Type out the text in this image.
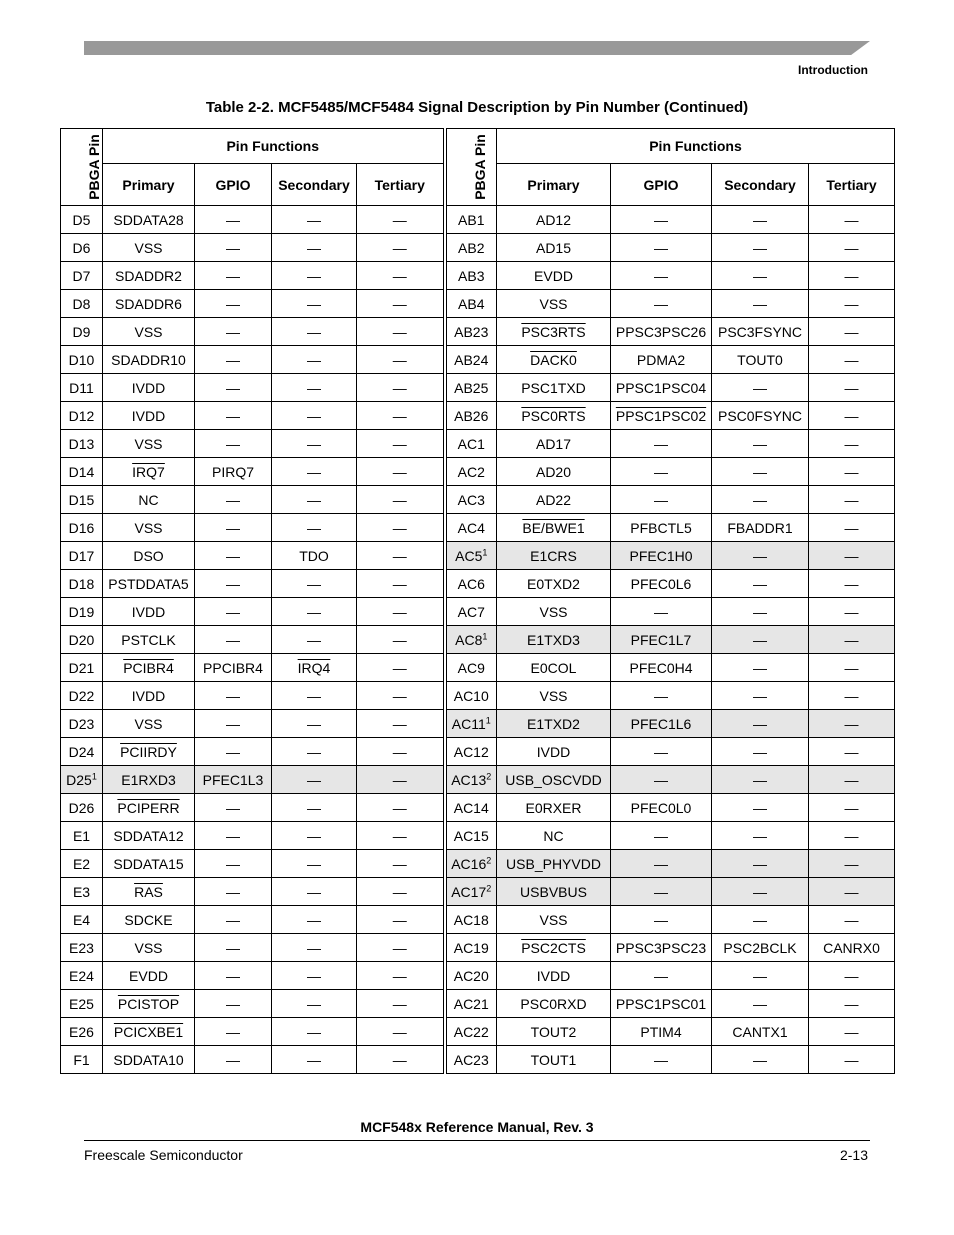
Introduction
Table 2-2. MCF5485/MCF5484 Signal Description by Pin Number (Continued)
PBGA Pin	Pin Functions				PBGA Pin	Pin Functions			
	Primary	GPIO	Secondary	Tertiary		Primary	GPIO	Secondary	Tertiary
D5	SDDATA28	—	—	—	AB1	AD12	—	—	—
D6	VSS	—	—	—	AB2	AD15	—	—	—
D7	SDADDR2	—	—	—	AB3	EVDD	—	—	—
D8	SDADDR6	—	—	—	AB4	VSS	—	—	—
D9	VSS	—	—	—	AB23	PSC3RTS	PPSC3PSC26	PSC3FSYNC	—
D10	SDADDR10	—	—	—	AB24	DACK0	PDMA2	TOUT0	—
D11	IVDD	—	—	—	AB25	PSC1TXD	PPSC1PSC04	—	—
D12	IVDD	—	—	—	AB26	PSC0RTS	PPSC1PSC02	PSC0FSYNC	—
D13	VSS	—	—	—	AC1	AD17	—	—	—
D14	IRQ7	PIRQ7	—	—	AC2	AD20	—	—	—
D15	NC	—	—	—	AC3	AD22	—	—	—
D16	VSS	—	—	—	AC4	BE/BWE1	PFBCTL5	FBADDR1	—
D17	DSO	—	TDO	—	$AC5^1$	E1CRS	PFEC1H0	—	—
D18	PSTDDATA5	—	—	—	AC6	E0TXD2	PFEC0L6	—	—
D19	IVDD	—	—	—	AC7	VSS	—	—	—
D20	PSTCLK	—	—	—	$AC8^1$	E1TXD3	PFEC1L7	—	—
D21	PCIBR4	PPCIBR4	IRQ4	—	AC9	E0COL	PFEC0H4	—	—
D22	IVDD	—	—	—	AC10	VSS	—	—	—
D23	VSS	—	—	—	$AC11^1$	E1TXD2	PFEC1L6	—	—
D24	PCIIRDY	—	—	—	AC12	IVDD	—	—	—
$D25^1$	E1RXD3	PFEC1L3	—	—	$AC13^2$	USB_OSCVDD	—	—	—
D26	PCIPERR	—	—	—	AC14	E0RXER	PFEC0L0	—	—
E1	SDDATA12	—	—	—	AC15	NC	—	—	—
E2	SDDATA15	—	—	—	$AC16^2$	USB_PHYVDD	—	—	—
E3	$\overline{RAS}$	—	—	—	$AC17^2$	USBVBUS	—	—	—
E4	SDCKE	—	—	—	AC18	VSS	—	—	—
E23	VSS	—	—	—	AC19	PSC2CTS	PPSC3PSC23	PSC2BCLK	CANRX0
E24	EVDD	—	—	—	AC20	IVDD	—	—	—
E25	PCISTOP	—	—	—	AC21	PSC0RXD	PPSC1PSC01	—	—
E26	PCICXBE1	—	—	—	AC22	TOUT2	PTIM4	CANTX1	—
F1	SDDATA10	—	—	—	AC23	TOUT1	—	—	—
MCF548x Reference Manual, Rev. 3
Freescale Semiconductor	2-13
